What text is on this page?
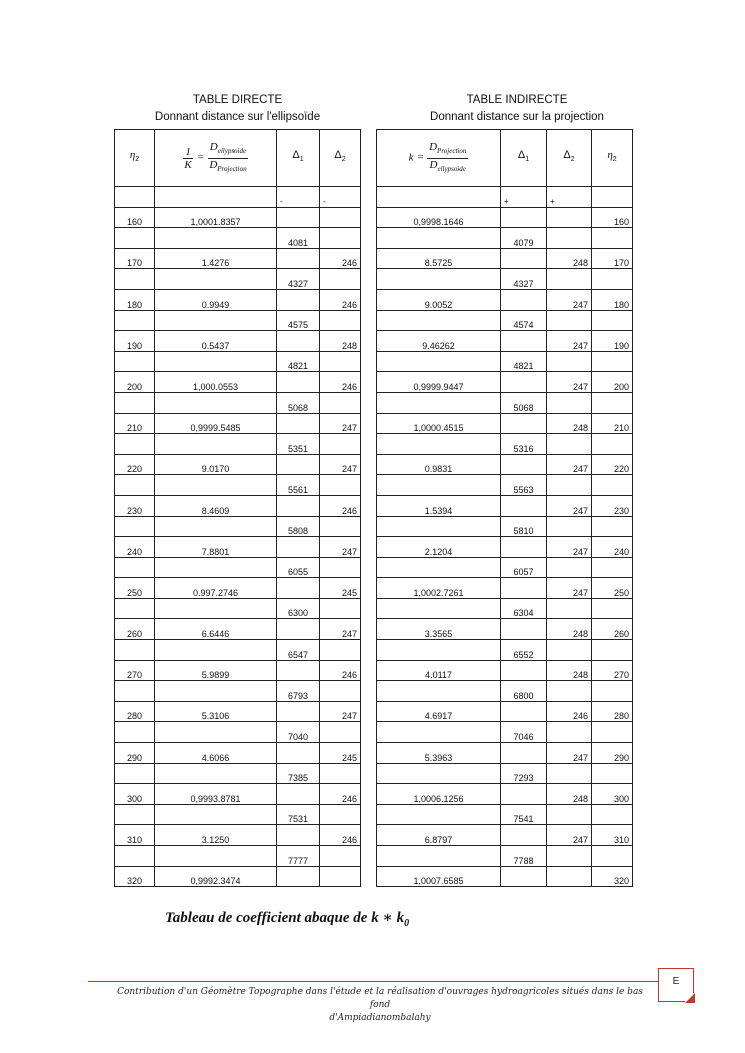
TABLE DIRECTE
Donnant distance sur l'ellipsoïde
TABLE INDIRECTE
Donnant distance sur la projection
$\eta_2$	$\frac{1}{K} = \frac{D_{ellypsoide}}{D_{Projection}}$	$\Delta_1$	$\Delta_2$
		-	-
160	1,0001.8357		
		4081	
170	1.4276		246
		4327	
180	0.9949		246
		4575	
190	0.5437		248
		4821	
200	1,000.0553		246
		5068	
210	0,9999.5485		247
		5351	
220	9.0170		247
		5561	
230	8.4609		246
		5808	
240	7.8801		247
		6055	
250	0.997.2746		245
		6300	
260	6.6446		247
		6547	
270	5.9899		246
		6793	
280	5.3106		247
		7040	
290	4.6066		245
		7385	
300	0,9993.8781		246
		7531	
310	3.1250		246
		7777	
320	0,9992.3474		
$k = \frac{D_{Projection}}{D_{ellypsoide}}$	$\Delta_1$	$\Delta_2$	$\eta_2$
	+	+	
0,9998.1646			160
	4079		
8.5725		248	170
	4327		
9.0052		247	180
	4574		
9.46262		247	190
	4821		
0,9999.9447		247	200
	5068		
1,0000.4515		248	210
	5316		
0.9831		247	220
	5563		
1.5394		247	230
	5810		
2.1204		247	240
	6057		
1,0002.7261		247	250
	6304		
3.3565		248	260
	6552		
4.0117		248	270
	6800		
4.6917		246	280
	7046		
5.3963		247	290
	7293		
1,0006.1256		248	300
	7541		
6.8797		247	310
	7788		
1,0007.6585			320
Tableau de coefficient abaque de k ∗ $k_0$
Contribution d'un Géomètre Topographe dans l'étude et la réalisation d'ouvrages hydroagricoles situés dans le bas fond
d'Ampiadianombalahy
E
